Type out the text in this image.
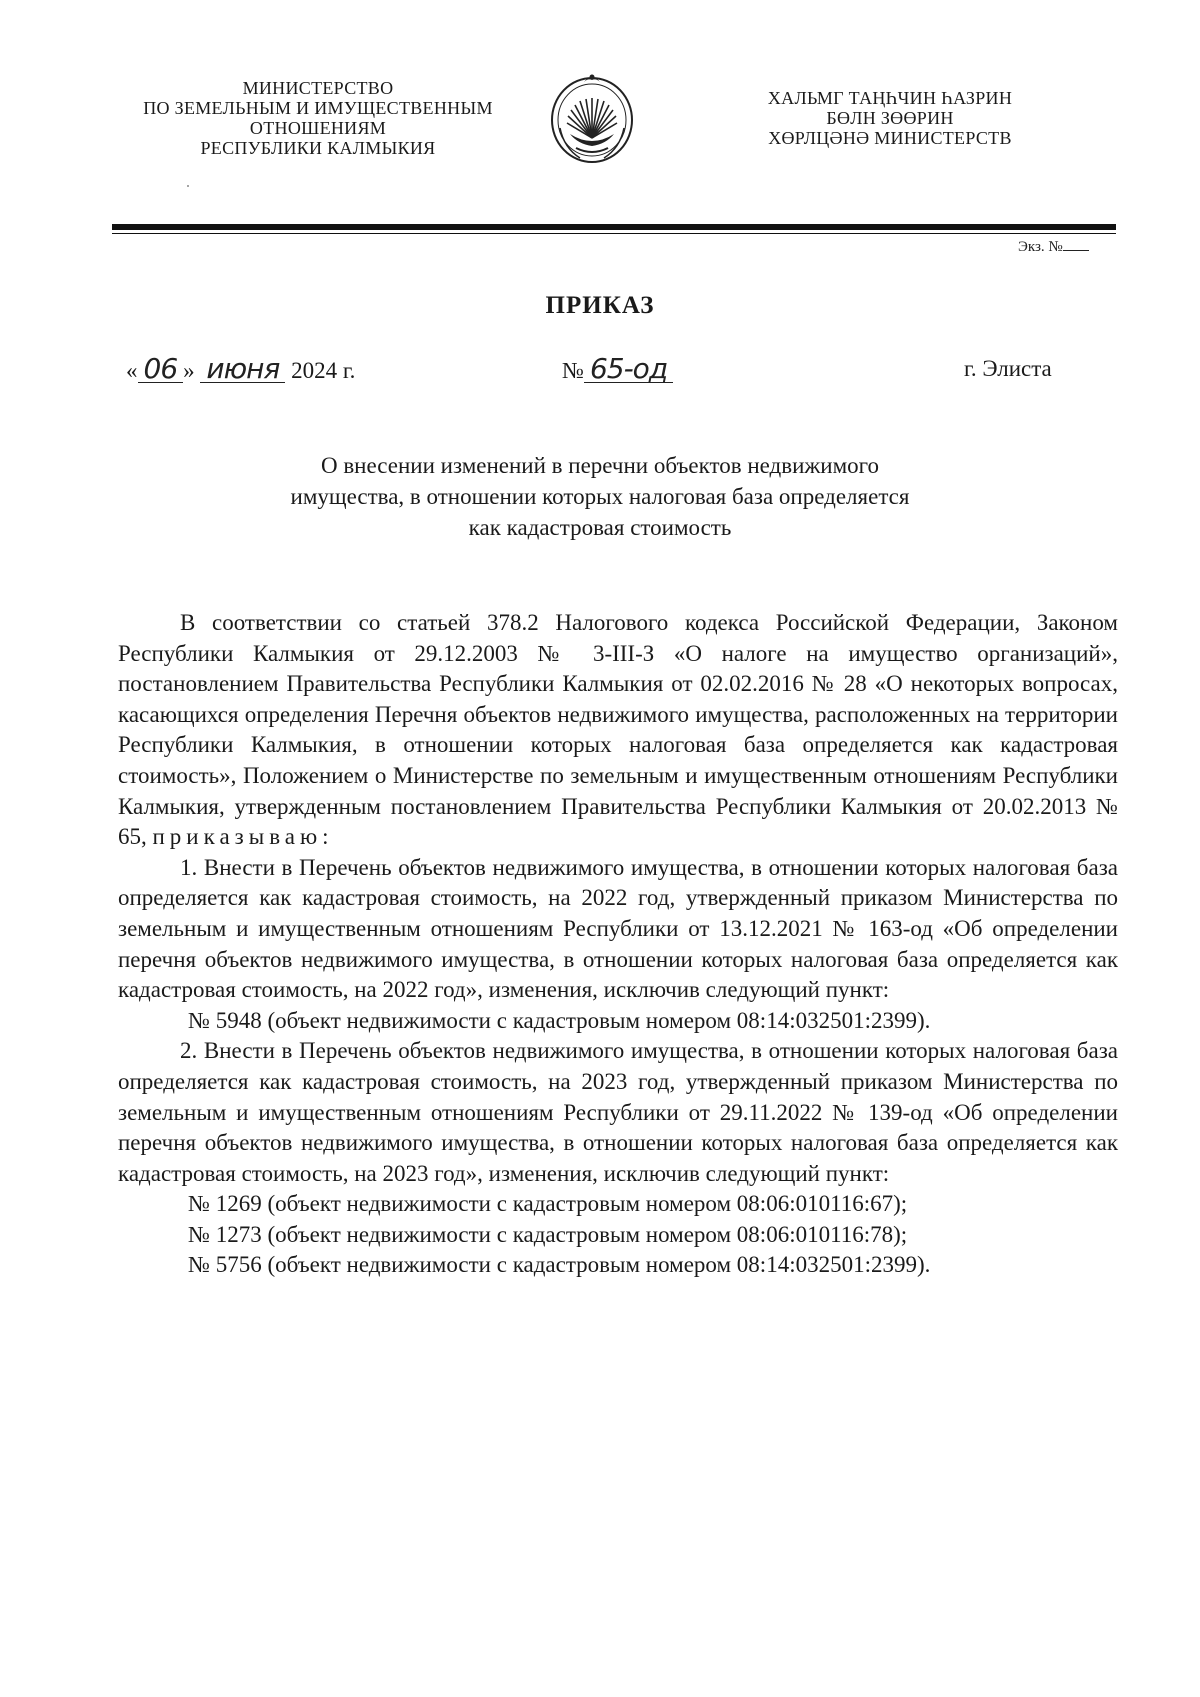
МИНИСТЕРСТВО
ПО ЗЕМЕЛЬНЫМ И ИМУЩЕСТВЕННЫМ
ОТНОШЕНИЯМ
РЕСПУБЛИКИ КАЛМЫКИЯ
ХАЛЬМГ ТАҢҺЧИН ҺАЗРИН
БӨЛН ЗӨӨРИН
ХӨРЛЦӘНӘ МИНИСТЕРСТВ
Экз. №
ПРИКАЗ
« 06 » июня 2024 г.	№ 65-од	г. Элиста
О внесении изменений в перечни объектов недвижимого
имущества, в отношении которых налоговая база определяется
как кадастровая стоимость

В соответствии со статьей 378.2 Налогового кодекса Российской Федерации, Законом Республики Калмыкия от 29.12.2003 № 3-III-З «О налоге на имущество организаций», постановлением Правительства Республики Калмыкия от 02.02.2016 № 28 «О некоторых вопросах, касающихся определения Перечня объектов недвижимого имущества, расположенных на территории Республики Калмыкия, в отношении которых налоговая база определяется как кадастровая стоимость», Положением о Министерстве по земельным и имущественным отношениям Республики Калмыкия, утвержденным постановлением Правительства Республики Калмыкия от 20.02.2013 № 65, приказываю:

1. Внести в Перечень объектов недвижимого имущества, в отношении которых налоговая база определяется как кадастровая стоимость, на 2022 год, утвержденный приказом Министерства по земельным и имущественным отношениям Республики от 13.12.2021 № 163-од «Об определении перечня объектов недвижимого имущества, в отношении которых налоговая база определяется как кадастровая стоимость, на 2022 год», изменения, исключив следующий пункт:

№ 5948 (объект недвижимости с кадастровым номером 08:14:032501:2399).

2. Внести в Перечень объектов недвижимого имущества, в отношении которых налоговая база определяется как кадастровая стоимость, на 2023 год, утвержденный приказом Министерства по земельным и имущественным отношениям Республики от 29.11.2022 № 139-од «Об определении перечня объектов недвижимого имущества, в отношении которых налоговая база определяется как кадастровая стоимость, на 2023 год», изменения, исключив следующий пункт:

№ 1269 (объект недвижимости с кадастровым номером 08:06:010116:67);

№ 1273 (объект недвижимости с кадастровым номером 08:06:010116:78);

№ 5756 (объект недвижимости с кадастровым номером 08:14:032501:2399).
